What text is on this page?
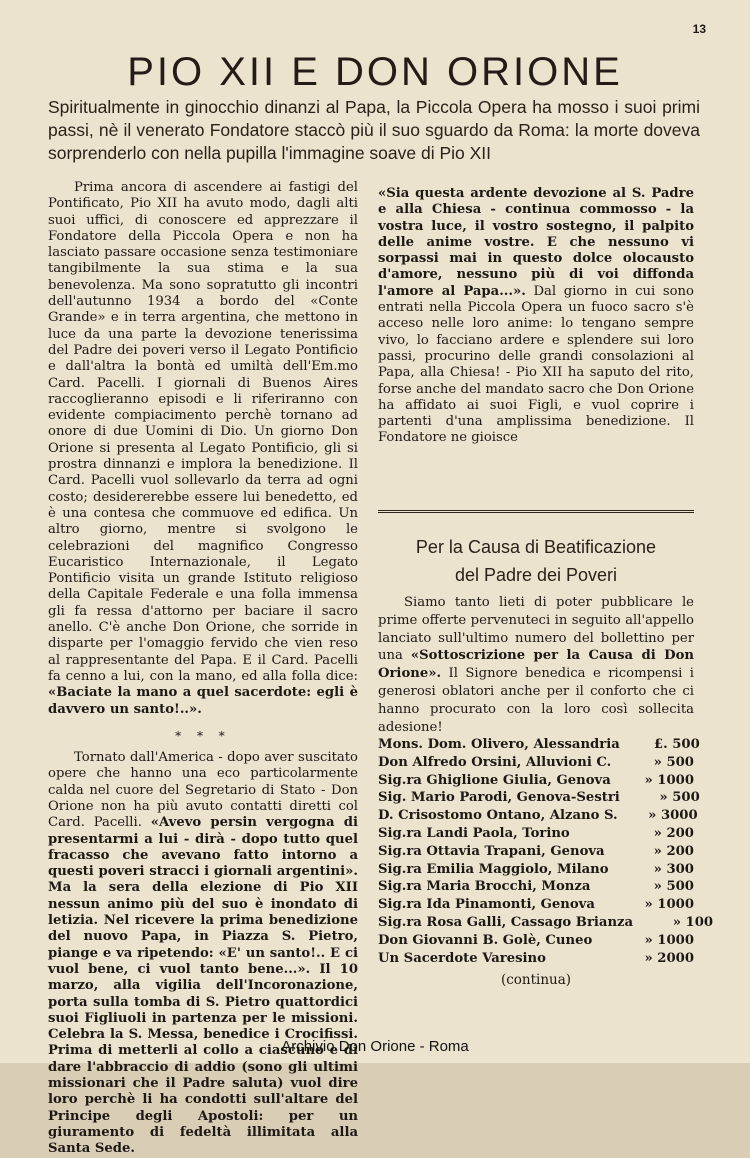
13
PIO XII E DON ORIONE
Spiritualmente in ginocchio dinanzi al Papa, la Piccola Opera ha mosso i suoi primi passi, nè il venerato Fondatore staccò più il suo sguardo da Roma: la morte doveva sorprenderlo con nella pupilla l'immagine soave di Pio XII

Prima ancora di ascendere ai fastigi del Pontificato, Pio XII ha avuto modo, dagli alti suoi uffici, di conoscere ed apprezzare il Fondatore della Piccola Opera e non ha lasciato passare occasione senza testimoniare tangibilmente la sua stima e la sua benevolenza. Ma sono sopratutto gli incontri dell'autunno 1934 a bordo del «Conte Grande» e in terra argentina, che mettono in luce da una parte la devozione tenerissima del Padre dei poveri verso il Legato Pontificio e dall'altra la bontà ed umiltà dell'Em.mo Card. Pacelli. I giornali di Buenos Aires raccoglieranno episodi e li riferiranno con evidente compiacimento perchè tornano ad onore di due Uomini di Dio. Un giorno Don Orione si presenta al Legato Pontificio, gli si prostra dinnanzi e implora la benedizione. Il Card. Pacelli vuol sollevarlo da terra ad ogni costo; desidererebbe essere lui benedetto, ed è una contesa che commuove ed edifica. Un altro giorno, mentre si svolgono le celebrazioni del magnifico Congresso Eucaristico Internazionale, il Legato Pontificio visita un grande Istituto religioso della Capitale Federale e una folla immensa gli fa ressa d'attorno per baciare il sacro anello. C'è anche Don Orione, che sorride in disparte per l'omaggio fervido che vien reso al rappresentante del Papa. E il Card. Pacelli fa cenno a lui, con la mano, ed alla folla dice: «Baciate la mano a quel sacerdote: egli è davvero un santo!..».

* * *

Tornato dall'America - dopo aver suscitato opere che hanno una eco particolarmente calda nel cuore del Segretario di Stato - Don Orione non ha più avuto contatti diretti col Card. Pacelli. «Avevo persin vergogna di presentarmi a lui - dirà - dopo tutto quel fracasso che avevano fatto intorno a questi poveri stracci i giornali argentini». Ma la sera della elezione di Pio XII nessun animo più del suo è inondato di letizia. Nel ricevere la prima benedizione del nuovo Papa, in Piazza S. Pietro, piange e va ripetendo: «E' un santo!.. E ci vuol bene, ci vuol tanto bene...». Il 10 marzo, alla vigilia dell'Incoronazione, porta sulla tomba di S. Pietro quattordici suoi Figliuoli in partenza per le missioni. Celebra la S. Messa, benedice i Crocifissi. Prima di metterli al collo a ciascuno e di dare l'abbraccio di addio (sono gli ultimi missionari che il Padre saluta) vuol dire loro perchè li ha condotti sull'altare del Principe degli Apostoli: per un giuramento di fedeltà illimitata alla Santa Sede.

«Sia questa ardente devozione al S. Padre e alla Chiesa - continua commosso - la vostra luce, il vostro sostegno, il palpito delle anime vostre. E che nessuno vi sorpassi mai in questo dolce olocausto d'amore, nessuno più di voi diffonda l'amore al Papa...». Dal giorno in cui sono entrati nella Piccola Opera un fuoco sacro s'è acceso nelle loro anime: lo tengano sempre vivo, lo facciano ardere e splendere sui loro passi, procurino delle grandi consolazioni al Papa, alla Chiesa! - Pio XII ha saputo del rito, forse anche del mandato sacro che Don Orione ha affidato ai suoi Figli, e vuol coprire i partenti d'una amplissima benedizione. Il Fondatore ne gioisce

Per la Causa di Beatificazione
del Padre dei Poveri

Siamo tanto lieti di poter pubblicare le prime offerte pervenuteci in seguito all'appello lanciato sull'ultimo numero del bollettino per una «Sottoscrizione per la Causa di Don Orione». Il Signore benedica e ricompensi i generosi oblatori anche per il conforto che ci hanno procurato con la loro così sollecita adesione!

Mons. Dom. Olivero, Alessandria	£. 500
Don Alfredo Orsini, Alluvioni C.	» 500
Sig.ra Ghiglione Giulia, Genova	» 1000
Sig. Mario Parodi, Genova-Sestri	» 500
D. Crisostomo Ontano, Alzano S.	» 3000
Sig.ra Landi Paola, Torino	» 200
Sig.ra Ottavia Trapani, Genova	» 200
Sig.ra Emilia Maggiolo, Milano	» 300
Sig.ra Maria Brocchi, Monza	» 500
Sig.ra Ida Pinamonti, Genova	» 1000
Sig.ra Rosa Galli, Cassago Brianza	» 100
Don Giovanni B. Golè, Cuneo	» 1000
Un Sacerdote Varesino	» 2000
(continua)
Archivio Don Orione - Roma
